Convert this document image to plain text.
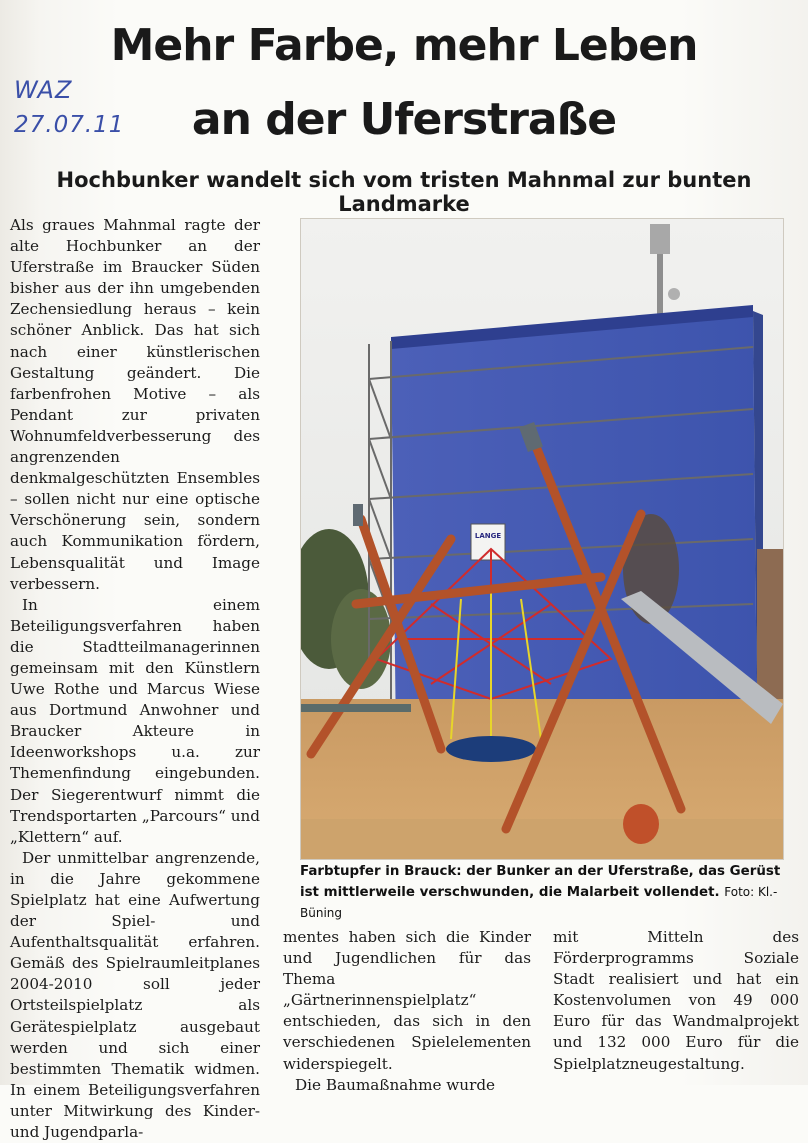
Mehr Farbe, mehr Leben
an der Uferstraße
WAZ
27.07.11
Hochbunker wandelt sich vom tristen Mahnmal zur bunten Landmarke

Als graues Mahnmal ragte der alte Hochbunker an der Uferstraße im Braucker Süden bisher aus der ihn umgebenden Zechensiedlung heraus – kein schöner Anblick. Das hat sich nach einer künstlerischen Gestaltung geändert. Die farbenfrohen Motive – als Pendant zur privaten Wohnumfeldverbesserung des angrenzenden denkmalgeschützten Ensembles – sollen nicht nur eine optische Verschönerung sein, sondern auch Kommunikation fördern, Lebensqualität und Image verbessern.

In einem Beteiligungsverfahren haben die Stadtteilmanagerinnen gemeinsam mit den Künstlern Uwe Rothe und Marcus Wiese aus Dortmund Anwohner und Braucker Akteure in Ideenworkshops u.a. zur Themenfindung eingebunden. Der Siegerentwurf nimmt die Trendsportarten „Parcours“ und „Klettern“ auf.

Der unmittelbar angrenzende, in die Jahre gekommene Spielplatz hat eine Aufwertung der Spiel- und Aufenthaltsqualität erfahren. Gemäß des Spielraumleitplanes 2004-2010 soll jeder Ortsteilspielplatz als Gerätespielplatz ausgebaut werden und sich einer bestimmten Thematik widmen. In einem Beteiligungsverfahren unter Mitwirkung des Kinder- und Jugendparla-

LANGE
Farbtupfer in Brauck: der Bunker an der Uferstraße, das Gerüst ist mittlerweile verschwunden, die Malarbeit vollendet. Foto: Kl.-Büning

mentes haben sich die Kinder und Jugendlichen für das Thema „Gärtnerinnenspielplatz“ entschieden, das sich in den verschiedenen Spielelementen widerspiegelt.

Die Baumaßnahme wurde

mit Mitteln des Förderprogramms Soziale Stadt realisiert und hat ein Kostenvolumen von 49 000 Euro für das Wandmalprojekt und 132 000 Euro für die Spielplatzneugestaltung.
